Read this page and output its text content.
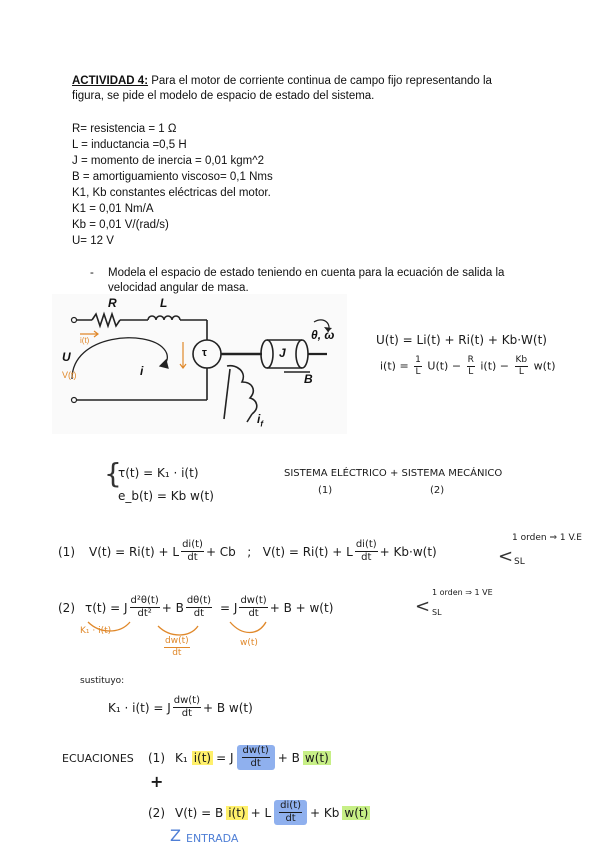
ACTIVIDAD 4: Para el motor de corriente continua de campo fijo representando la
figura, se pide el modelo de espacio de estado del sistema.
R= resistencia = 1 Ω
L = inductancia =0,5 H
J = momento de inercia = 0,01 kgm^2
B = amortiguamiento viscoso= 0,1 Nms
K1, Kb constantes eléctricas del motor.
K1 = 0,01 Nm/A
Kb = 0,01 V/(rad/s)
U= 12 V
- Modela el espacio de estado teniendo en cuenta para la ecuación de salida la
velocidad angular de masa.
R	L
U
i
J
B
θ, ω
$i_f$
i(t)
V(t)
τ
U(t) = Li(t) + Ri(t) + Kb·W(t)
$i(t) = \frac{1}{L} U(t) - \frac{R}{L} i(t) - \frac{Kb}{L} w(t)$
{
τ(t) = K₁ · i(t)
e_b(t) = Kb w(t)
SISTEMA ELÉCTRICO + SISTEMA MECÁNICO
(1)	(2)
(1) V(t) = Ri(t) + L $\frac{di(t)}{dt} + Cb$   ;   V(t) = Ri(t) + L $\frac{di(t)}{dt} + Kb\cdot w(t)$	<
1 orden ⇒ 1 V.E
SL
(2) τ(t) = J $\frac{\text{d²θ(t)}}{\text{dt²}} + B \frac{d\theta(t)}{dt} = J \frac{dw(t)}{dt} + B + w(t)$	<
1 orden ⇒ 1 VE
SL
K₁ · i(t)
$\frac{dw(t)}{dt}$	w(t)
sustituyo:
K₁ · i(t) = J $\frac{dw(t)}{dt} + B$ w(t)
ECUACIONES (1) K₁ i(t) = J $\frac{dw(t)}{dt} + B$ w(t)
+
(2) V(t) = B i(t) + L $\frac{di(t)}{dt} + Kb$ w(t)
Z ENTRADA
